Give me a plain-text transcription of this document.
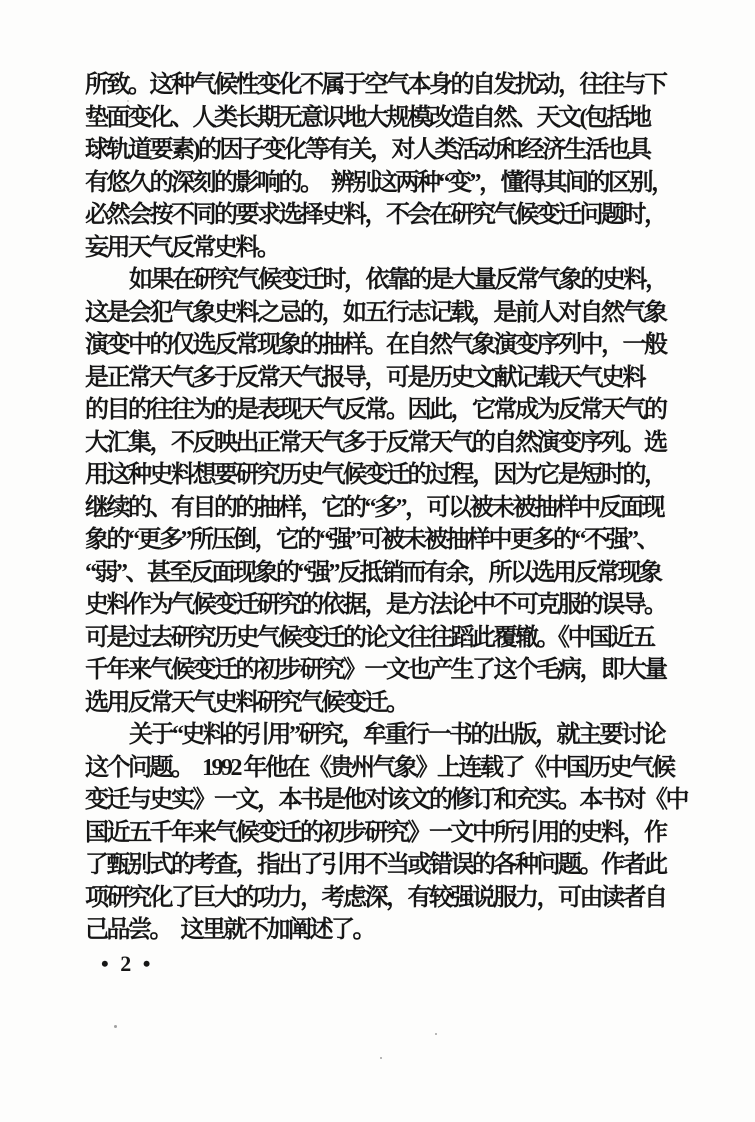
所致。这种气候性变化不属于空气本身的自发扰动，往往与下
垫面变化、人类长期无意识地大规模改造自然、天文(包括地
球轨道要素)的因子变化等有关，对人类活动和经济生活也具
有悠久的深刻的影响的。　辨别这两种“变”，懂得其间的区别，
必然会按不同的要求选择史料，不会在研究气候变迁问题时，
妄用天气反常史料。

如果在研究气候变迁时，依靠的是大量反常气象的史料，
这是会犯气象史料之忌的，如五行志记载，是前人对自然气象
演变中的仅选反常现象的抽样。在自然气象演变序列中，一般
是正常天气多于反常天气报导，可是历史文献记载天气史料
的目的往往为的是表现天气反常。因此，它常成为反常天气的
大汇集，不反映出正常天气多于反常天气的自然演变序列。选
用这种史料想要研究历史气候变迁的过程，因为它是短时的，
继续的、有目的的抽样，它的“多”，可以被未被抽样中反面现
象的“更多”所压倒，它的“强”可被未被抽样中更多的“不强”、
“弱”、甚至反面现象的“强”反抵销而有余，所以选用反常现象
史料作为气候变迁研究的依据，是方法论中不可克服的误导。
可是过去研究历史气候变迁的论文往往蹈此覆辙。《中国近五
千年来气候变迁的初步研究》一文也产生了这个毛病，即大量
选用反常天气史料研究气候变迁。

关于“史料的引用”研究，牟重行一书的出版，就主要讨论
这个问题。　1992 年他在《贵州气象》上连载了《中国历史气候
变迁与史实》一文，本书是他对该文的修订和充实。本书对《中
国近五千年来气候变迁的初步研究》一文中所引用的史料，作
了甄别式的考查，指出了引用不当或错误的各种问题。作者此
项研究化了巨大的功力，考虑深，有较强说服力，可由读者自
己品尝。　这里就不加阐述了。

• 2 •
